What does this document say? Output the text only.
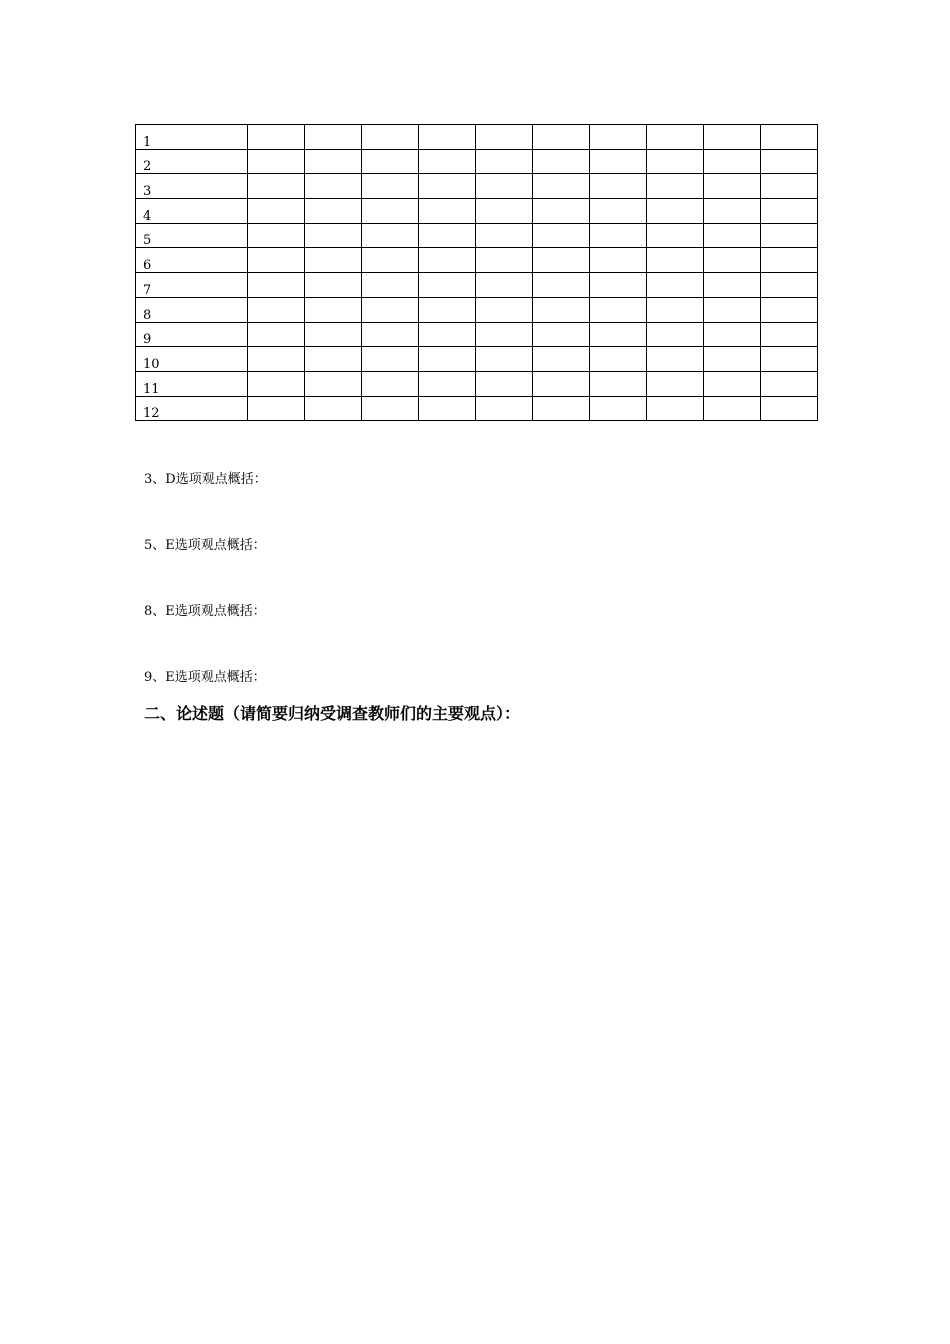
1										
2										
3										
4										
5										
6										
7										
8										
9										
10										
11										
12										
3、D选项观点概括：
5、E选项观点概括：
8、E选项观点概括：
9、E选项观点概括：
二、论述题（请简要归纳受调查教师们的主要观点）：
